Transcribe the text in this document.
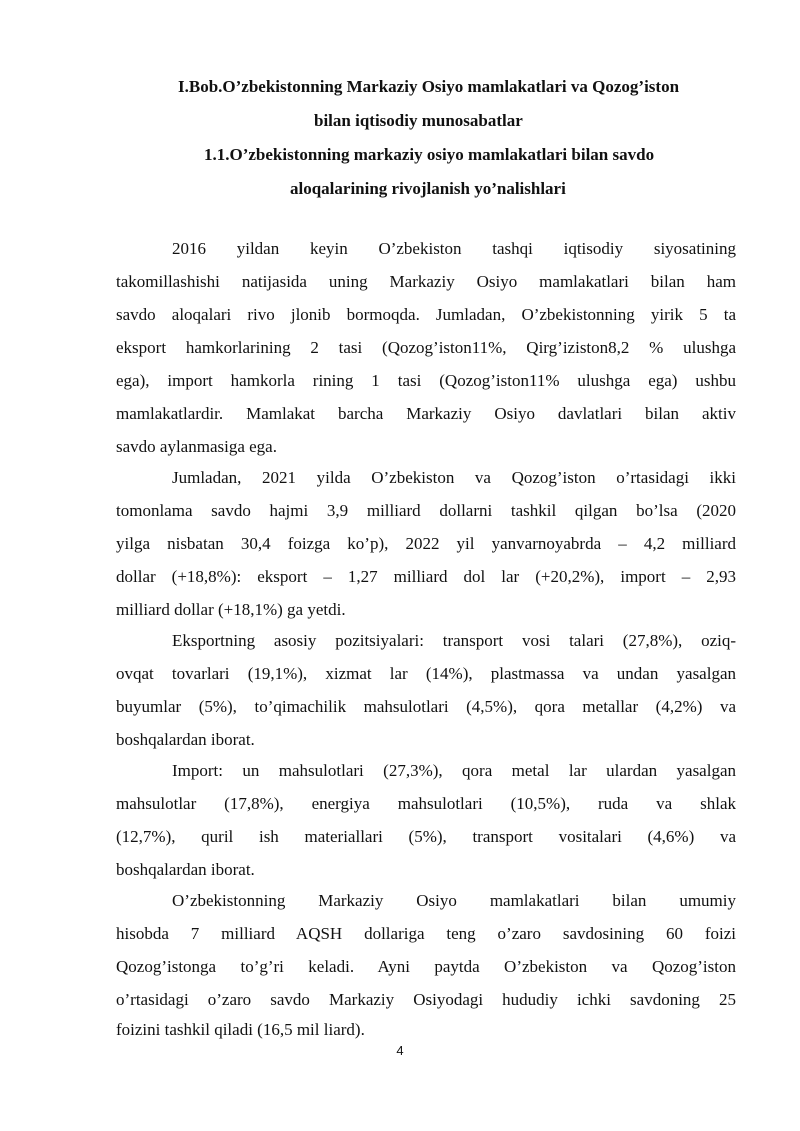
I.Bob.O’zbekistonning Markaziy Osiyo mamlakatlari va Qozog’iston
bilan iqtisodiy munosabatlar
1.1.O’zbekistonning markaziy osiyo mamlakatlari bilan savdo
aloqalarining rivojlanish yo’nalishlari
2016 yildan keyin O’zbekiston tashqi iqtisodiy siyosatining
takomillashishi natijasida uning Markaziy Osiyo mamlakatlari bilan ham
savdo aloqalari rivo jlonib bormoqda. Jumladan, O’zbekistonning yirik 5 ta
eksport hamkorlarining 2 tasi (Qozog’iston11%, Qirg’iziston8,2 % ulushga
ega), import hamkorla rining 1 tasi (Qozog’iston11% ulushga ega) ushbu
mamlakatlardir. Mamlakat barcha Markaziy Osiyo davlatlari bilan aktiv
savdo aylanmasiga ega.
Jumladan, 2021 yilda O’zbekiston va Qozog’iston o’rtasidagi ikki
tomonlama savdo hajmi 3,9 milliard dollarni tashkil qilgan bo’lsa (2020
yilga nisbatan 30,4 foizga ko’p), 2022 yil yanvarnoyabrda – 4,2 milliard
dollar (+18,8%): eksport – 1,27 milliard dol lar (+20,2%), import – 2,93
milliard dollar (+18,1%) ga yetdi.
Eksportning asosiy pozitsiyalari: transport vosi talari (27,8%), oziq-
ovqat tovarlari (19,1%), xizmat lar (14%), plastmassa va undan yasalgan
buyumlar (5%), to’qimachilik mahsulotlari (4,5%), qora metallar (4,2%) va
boshqalardan iborat.
Import: un mahsulotlari (27,3%), qora metal lar ulardan yasalgan
mahsulotlar (17,8%), energiya mahsulotlari (10,5%), ruda va shlak
(12,7%), quril ish materiallari (5%), transport vositalari (4,6%) va
boshqalardan iborat.
O’zbekistonning Markaziy Osiyo mamlakatlari bilan umumiy
hisobda 7 milliard AQSH dollariga teng o’zaro savdosining 60 foizi
Qozog’istonga to’g’ri keladi. Ayni paytda O’zbekiston va Qozog’iston
o’rtasidagi o’zaro savdo Markaziy Osiyodagi hududiy ichki savdoning 25
foizini tashkil qiladi (16,5 mil liard).
4
